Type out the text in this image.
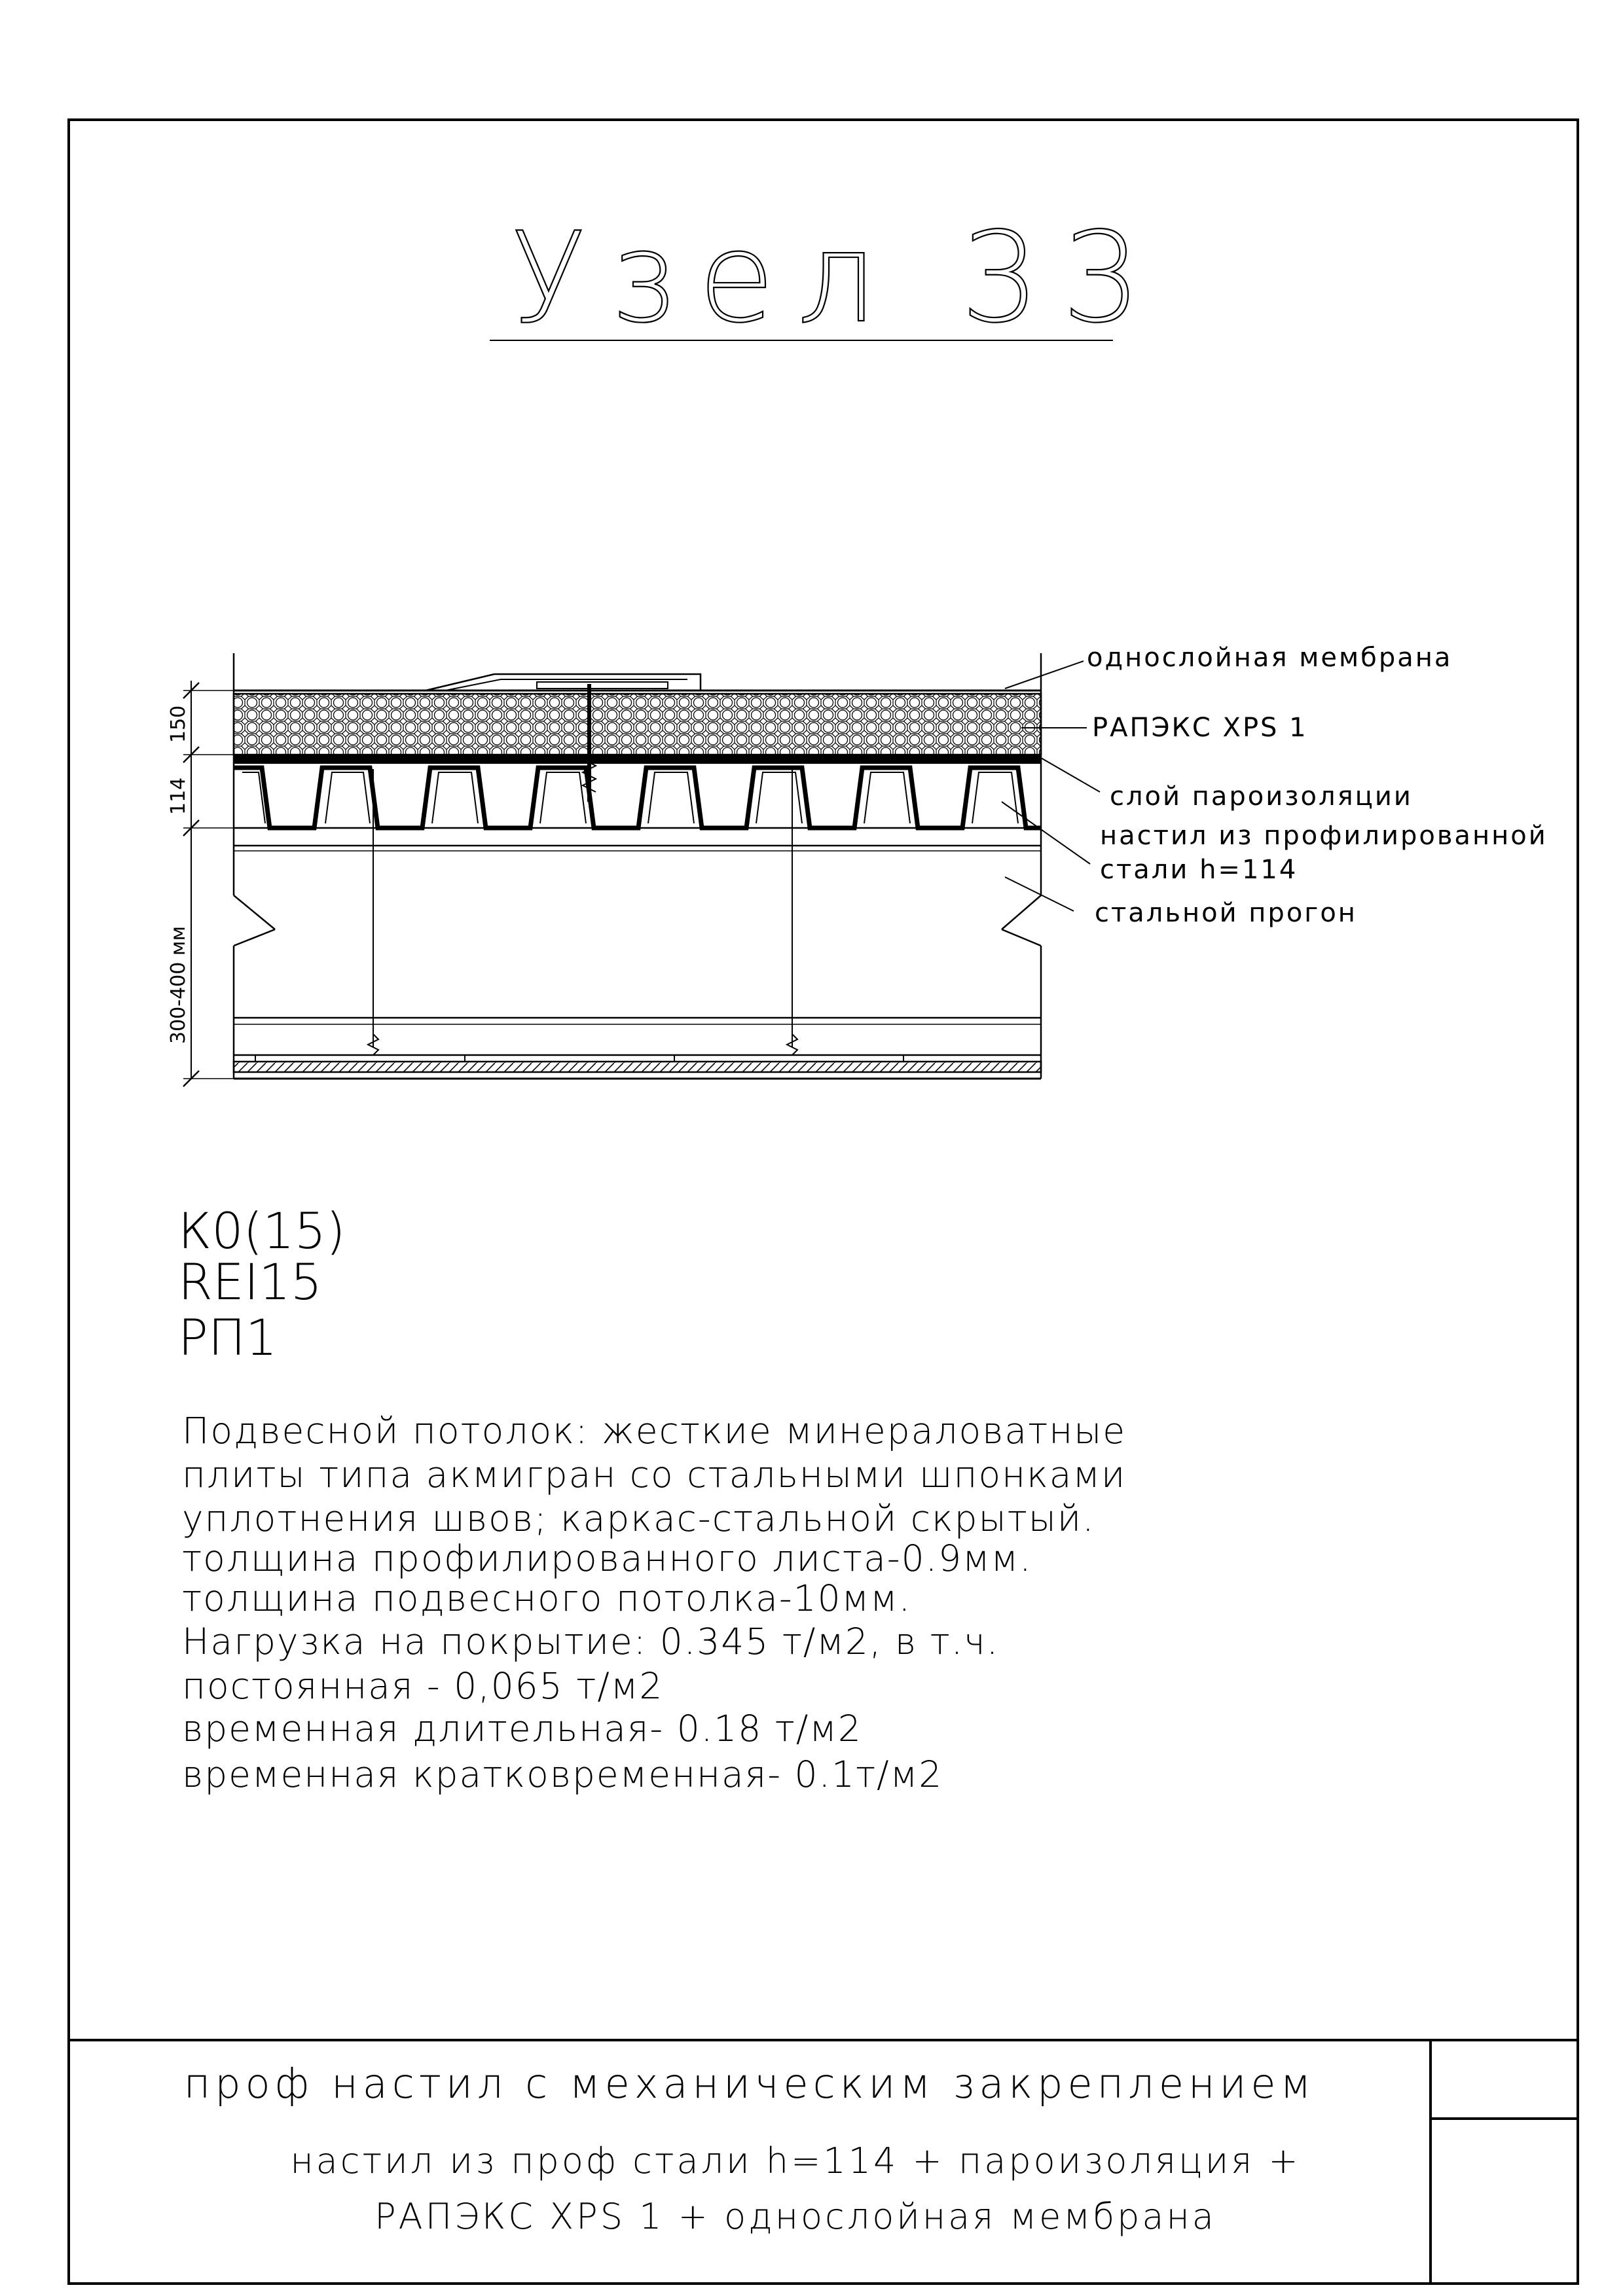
Узел 33
150
114
300-400 мм
однослойная мембрана
РАПЭКС XPS 1
слой пароизоляции
настил из профилированной
стали h=114
стальной прогон
К0(15)
REI15
РП1
Подвесной потолок: жесткие минераловатные
плиты типа акмигран со стальными шпонками
уплотнения швов; каркас-стальной скрытый.
толщина профилированного листа-0.9мм.
толщина подвесного потолка-10мм.
Нагрузка на покрытие: 0.345 т/м2, в т.ч.
постоянная - 0,065 т/м2
временная длительная- 0.18 т/м2
временная кратковременная- 0.1т/м2
проф настил с механическим закреплением
настил из проф стали h=114 + пароизоляция +
РАПЭКС XPS 1 + однослойная мембрана
